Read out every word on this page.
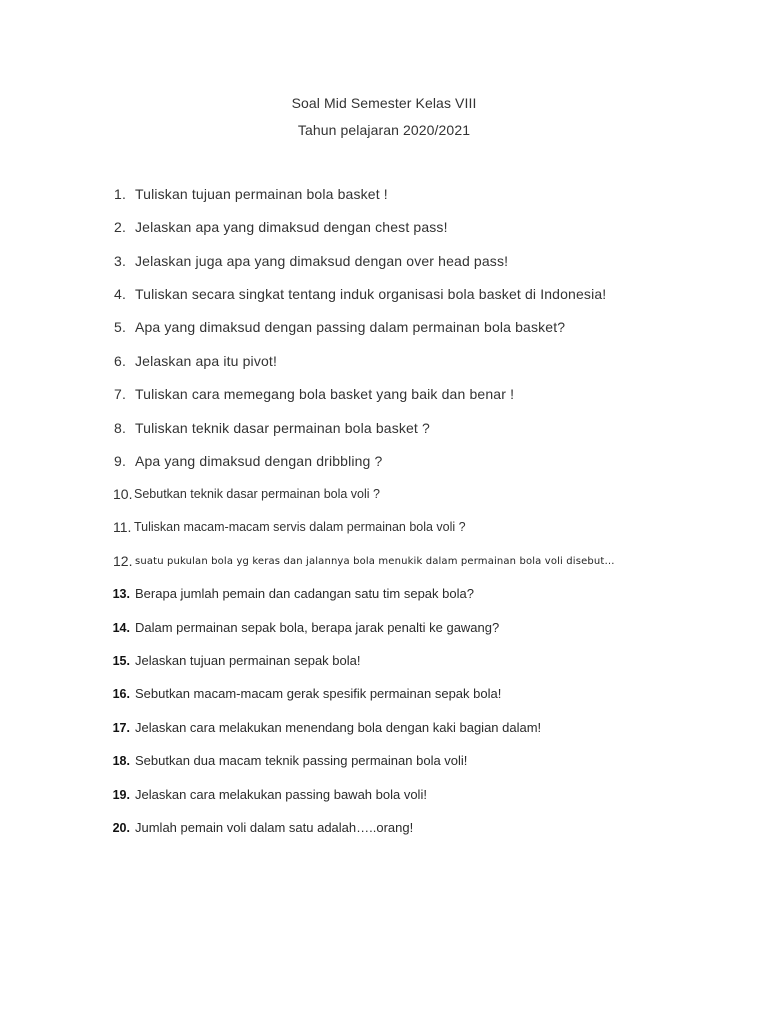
Soal Mid Semester Kelas VIII
Tahun pelajaran 2020/2021
1. Tuliskan tujuan permainan bola basket !
2. Jelaskan apa yang dimaksud dengan chest pass!
3. Jelaskan juga apa yang dimaksud dengan over head pass!
4. Tuliskan secara singkat tentang induk organisasi bola basket di Indonesia!
5. Apa yang dimaksud dengan passing dalam permainan bola basket?
6. Jelaskan apa itu pivot!
7. Tuliskan cara memegang bola basket yang baik dan benar !
8. Tuliskan teknik dasar permainan bola basket ?
9. Apa yang dimaksud dengan dribbling ?
10. Sebutkan teknik dasar permainan bola voli ?
11. Tuliskan macam-macam servis dalam permainan bola voli ?
12. suatu pukulan bola yg keras dan jalannya bola menukik dalam permainan bola voli disebut…
13. Berapa jumlah pemain dan cadangan satu tim sepak bola?
14. Dalam permainan sepak bola, berapa jarak penalti ke gawang?
15. Jelaskan tujuan permainan sepak bola!
16. Sebutkan macam-macam gerak spesifik permainan sepak bola!
17. Jelaskan cara melakukan menendang bola dengan kaki bagian dalam!
18. Sebutkan dua macam teknik passing permainan bola voli!
19. Jelaskan cara melakukan passing bawah bola voli!
20. Jumlah pemain voli dalam satu adalah…..orang!
